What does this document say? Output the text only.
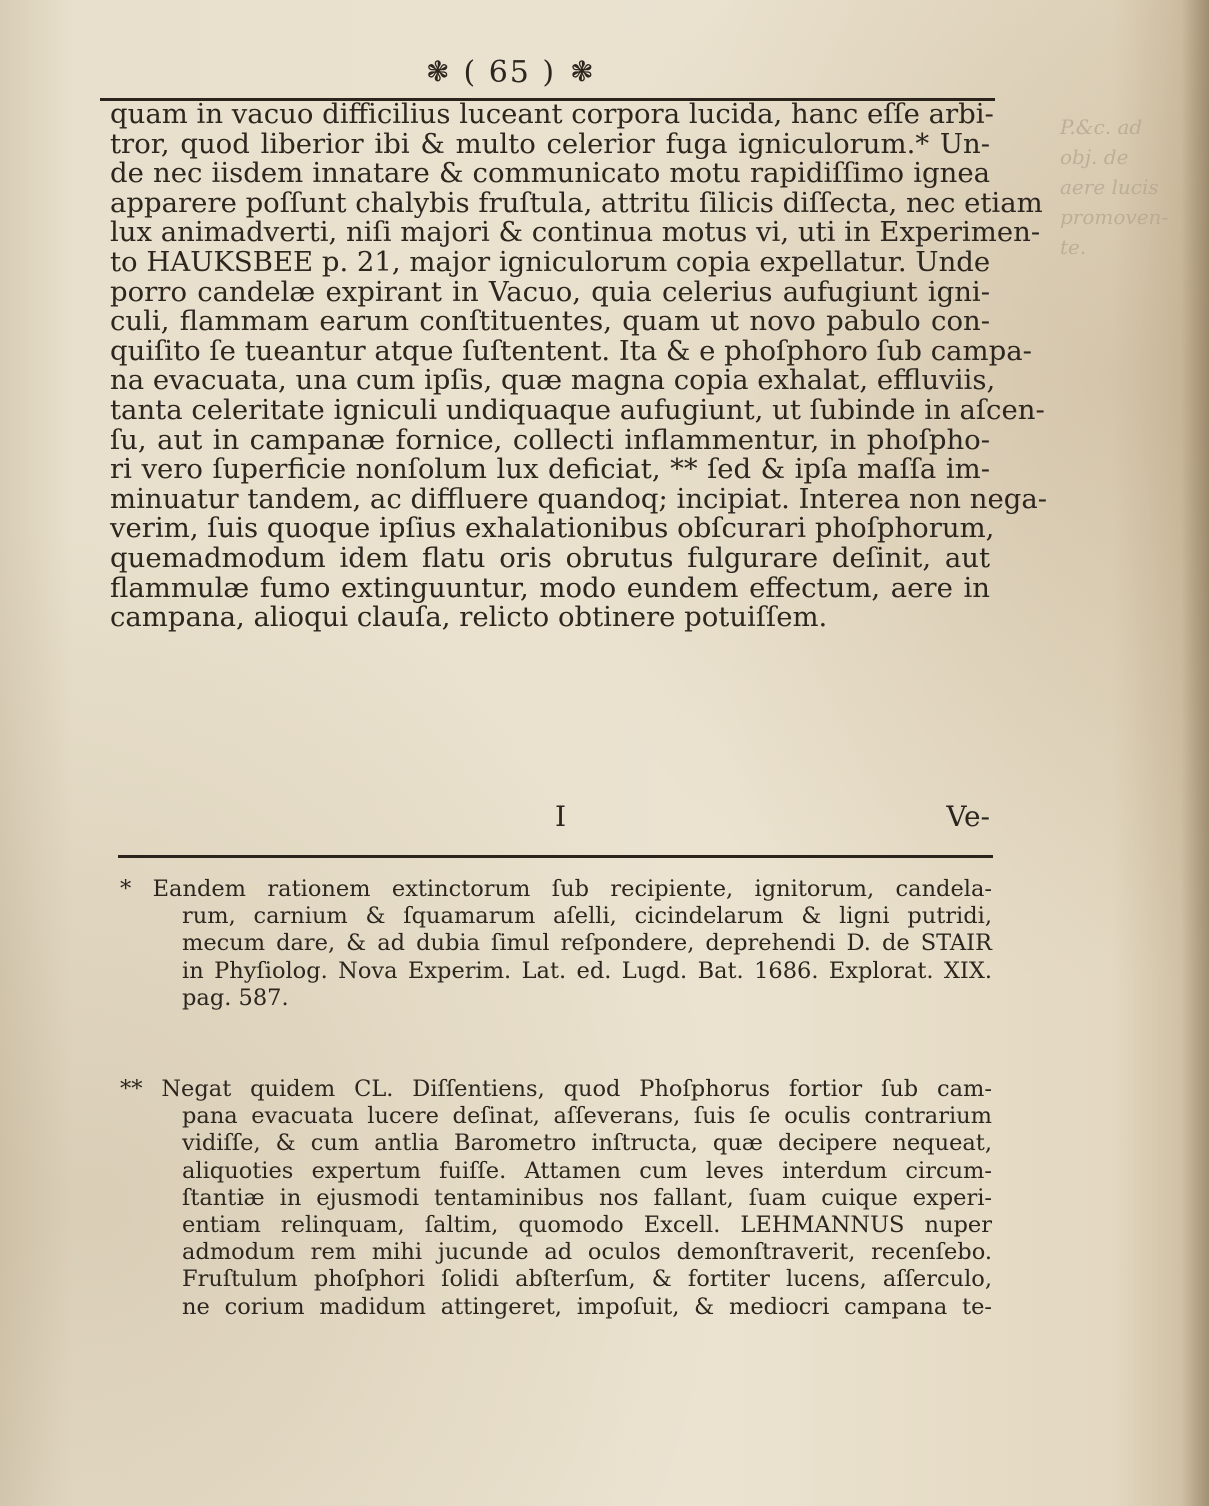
P.&c. ad
obj. de
aere lucis
promoven-
te.
❃ ( 65 ) ❃
quam in vacuo difficilius luceant corpora lucida, hanc eſſe arbi-
tror, quod liberior ibi & multo celerior fuga igniculorum.* Un-
de nec iisdem innatare & communicato motu rapidiſſimo ignea
apparere poſſunt chalybis fruſtula, attritu ſilicis diſſecta, nec etiam
lux animadverti, niſi majori & continua motus vi, uti in Experimen-
to HAUKSBEE p. 21, major igniculorum copia expellatur. Unde
porro candelæ expirant in Vacuo, quia celerius aufugiunt igni-
culi, flammam earum conſtituentes, quam ut novo pabulo con-
quiſito ſe tueantur atque ſuſtentent. Ita & e phoſphoro ſub campa-
na evacuata, una cum ipſis, quæ magna copia exhalat, effluviis,
tanta celeritate igniculi undiquaque aufugiunt, ut ſubinde in aſcen-
ſu, aut in campanæ fornice, collecti inflammentur, in phoſpho-
ri vero ſuperficie nonſolum lux deficiat, ** ſed & ipſa maſſa im-
minuatur tandem, ac diffluere quandoq; incipiat. Interea non nega-
verim, ſuis quoque ipſius exhalationibus obſcurari phoſphorum,
quemadmodum idem flatu oris obrutus fulgurare deſinit, aut
flammulæ fumo extinguuntur, modo eundem effectum, aere in
campana, alioqui clauſa, relicto obtinere potuiſſem.
I	Ve-
* Eandem rationem extinctorum ſub recipiente, ignitorum, candela-
rum, carnium & ſquamarum aſelli, cicindelarum & ligni putridi,
mecum dare, & ad dubia ſimul reſpondere, deprehendi D. de STAIR
in Phyſiolog. Nova Experim. Lat. ed. Lugd. Bat. 1686. Explorat. XIX.
pag. 587.
** Negat quidem CL. Diſſentiens, quod Phoſphorus fortior ſub cam-
pana evacuata lucere deſinat, aſſeverans, ſuis ſe oculis contrarium
vidiſſe, & cum antlia Barometro inſtructa, quæ decipere nequeat,
aliquoties expertum fuiſſe. Attamen cum leves interdum circum-
ſtantiæ in ejusmodi tentaminibus nos fallant, ſuam cuique experi-
entiam relinquam, ſaltim, quomodo Excell. LEHMANNUS nuper
admodum rem mihi jucunde ad oculos demonſtraverit, recenſebo.
Fruſtulum phoſphori ſolidi abſterſum, & fortiter lucens, aſſerculo,
ne corium madidum attingeret, impoſuit, & mediocri campana te-
